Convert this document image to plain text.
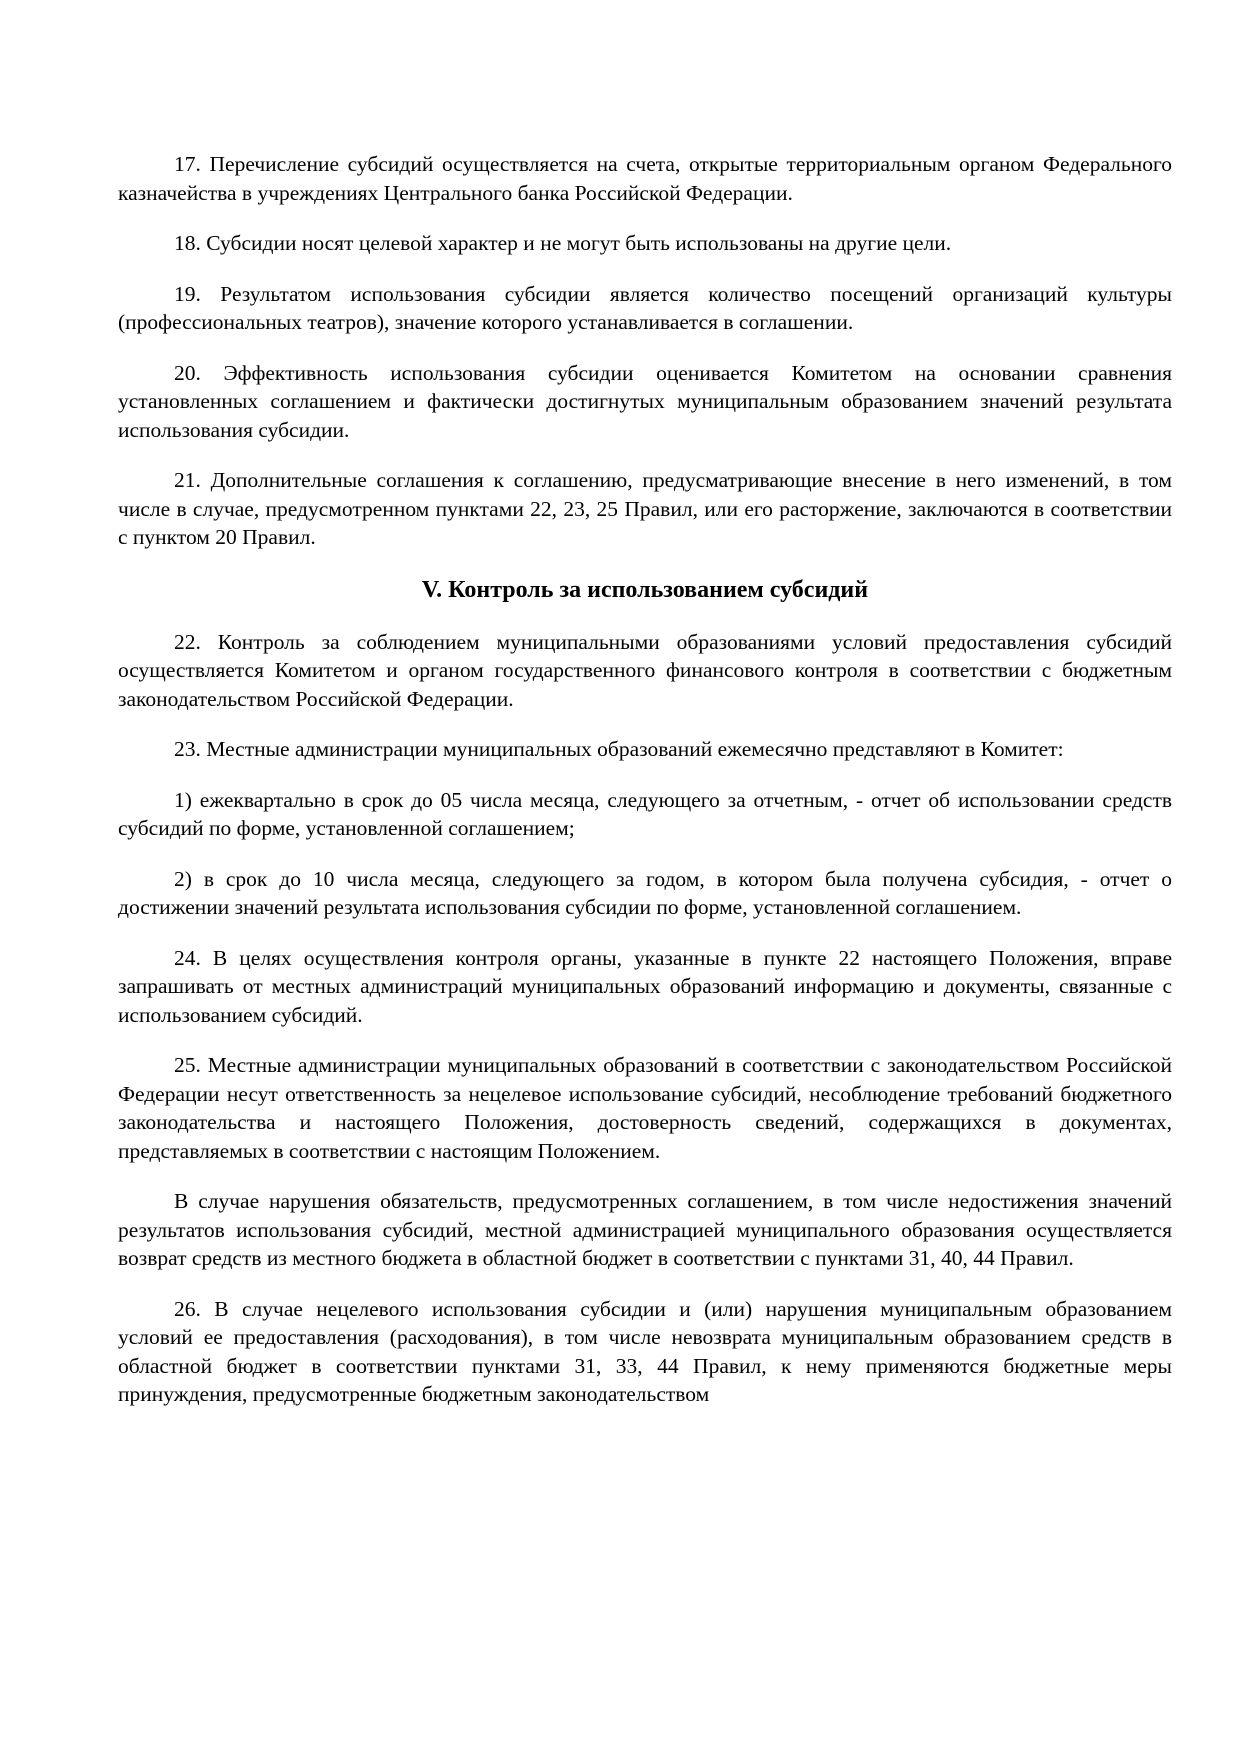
17. Перечисление субсидий осуществляется на счета, открытые территориальным органом Федерального казначейства в учреждениях Центрального банка Российской Федерации.

18. Субсидии носят целевой характер и не могут быть использованы на другие цели.

19. Результатом использования субсидии является количество посещений организаций культуры (профессиональных театров), значение которого устанавливается в соглашении.

20. Эффективность использования субсидии оценивается Комитетом на основании сравнения установленных соглашением и фактически достигнутых муниципальным образованием значений результата использования субсидии.

21. Дополнительные соглашения к соглашению, предусматривающие внесение в него изменений, в том числе в случае, предусмотренном пунктами 22, 23, 25 Правил, или его расторжение, заключаются в соответствии с пунктом 20 Правил.

V. Контроль за использованием субсидий

22. Контроль за соблюдением муниципальными образованиями условий предоставления субсидий осуществляется Комитетом и органом государственного финансового контроля в соответствии с бюджетным законодательством Российской Федерации.

23. Местные администрации муниципальных образований ежемесячно представляют в Комитет:

1) ежеквартально в срок до 05 числа месяца, следующего за отчетным, - отчет об использовании средств субсидий по форме, установленной соглашением;

2) в срок до 10 числа месяца, следующего за годом, в котором была получена субсидия, - отчет о достижении значений результата использования субсидии по форме, установленной соглашением.

24. В целях осуществления контроля органы, указанные в пункте 22 настоящего Положения, вправе запрашивать от местных администраций муниципальных образований информацию и документы, связанные с использованием субсидий.

25. Местные администрации муниципальных образований в соответствии с законодательством Российской Федерации несут ответственность за нецелевое использование субсидий, несоблюдение требований бюджетного законодательства и настоящего Положения, достоверность сведений, содержащихся в документах, представляемых в соответствии с настоящим Положением.

В случае нарушения обязательств, предусмотренных соглашением, в том числе недостижения значений результатов использования субсидий, местной администрацией муниципального образования осуществляется возврат средств из местного бюджета в областной бюджет в соответствии с пунктами 31, 40, 44 Правил.

26. В случае нецелевого использования субсидии и (или) нарушения муниципальным образованием условий ее предоставления (расходования), в том числе невозврата муниципальным образованием средств в областной бюджет в соответствии пунктами 31, 33, 44 Правил, к нему применяются бюджетные меры принуждения, предусмотренные бюджетным законодательством
